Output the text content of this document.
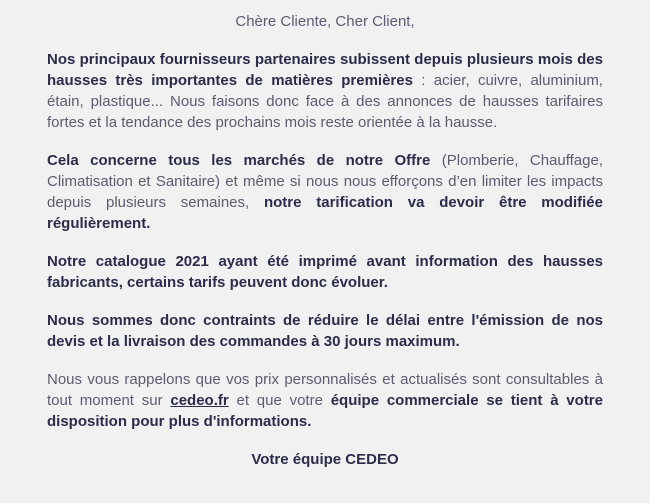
Chère Cliente, Cher Client,

Nos principaux fournisseurs partenaires subissent depuis plusieurs mois des hausses très importantes de matières premières : acier, cuivre, aluminium, étain, plastique... Nous faisons donc face à des annonces de hausses tarifaires fortes et la tendance des prochains mois reste orientée à la hausse.

Cela concerne tous les marchés de notre Offre (Plomberie, Chauffage, Climatisation et Sanitaire) et même si nous nous efforçons d’en limiter les impacts depuis plusieurs semaines, notre tarification va devoir être modifiée régulièrement.

Notre catalogue 2021 ayant été imprimé avant information des hausses fabricants, certains tarifs peuvent donc évoluer.

Nous sommes donc contraints de réduire le délai entre l'émission de nos devis et la livraison des commandes à 30 jours maximum.

Nous vous rappelons que vos prix personnalisés et actualisés sont consultables à tout moment sur cedeo.fr et que votre équipe commerciale se tient à votre disposition pour plus d'informations.

Votre équipe CEDEO
